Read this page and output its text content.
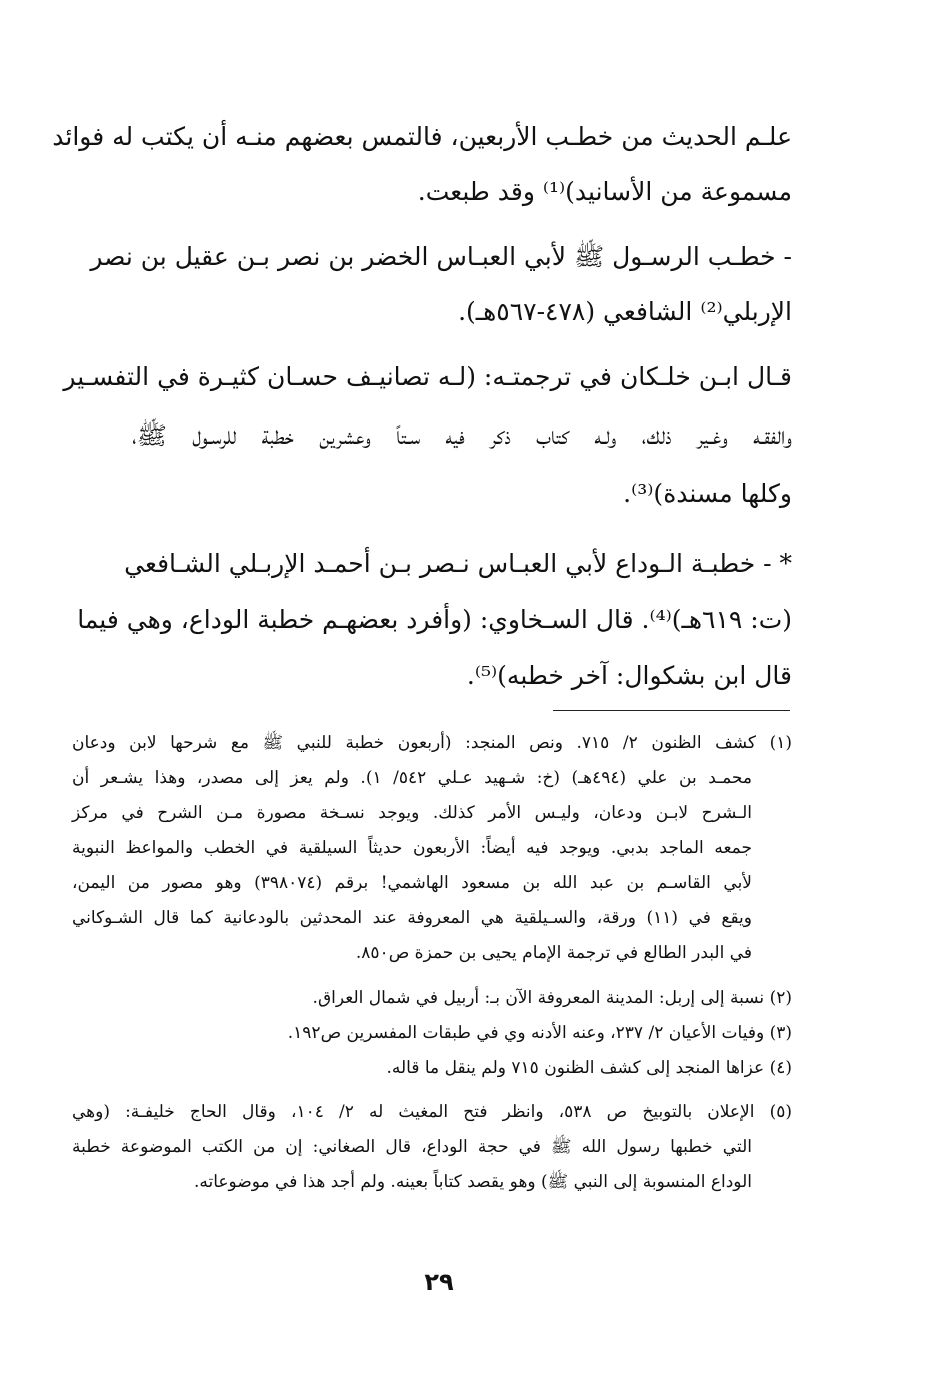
علـم الحديث من خطـب الأربعين، فالتمس بعضهم منـه أن يكتب له فوائد
مسموعة من الأسانيد)⁽¹⁾ وقد طبعت.
- خطـب الرسـول ﷺ لأبي العبـاس الخضر بن نصر بـن عقيل بن نصر
الإربلي⁽²⁾ الشافعي (٤٧٨-٥٦٧هـ).
قـال ابـن خلـكان في ترجمتـه: (لـه تصانيـف حسـان كثيـرة في التفسـير
والفقـه وغـير ذلك، ولـه كتاب ذكر فيه سـتاً وعشرين خطبة للرسـول ﷺ،
وكلها مسندة)⁽³⁾.
* - خطبـة الـوداع لأبي العبـاس نـصر بـن أحمـد الإربـلي الشـافعي
(ت: ٦١٩هـ)⁽⁴⁾. قال السـخاوي: (وأفرد بعضهـم خطبة الوداع، وهي فيما
قال ابن بشكوال: آخر خطبه)⁽⁵⁾.
(١) كشف الظنون ٢/ ٧١٥. ونص المنجد: (أربعون خطبة للنبي ﷺ مع شرحها لابن ودعان
محمـد بن علي (٤٩٤هـ) (خ: شـهيد عـلي ٥٤٢/ ١). ولم يعز إلى مصدر، وهذا يشـعر أن
الـشرح لابـن ودعان، وليـس الأمر كذلك. ويوجد نسـخة مصورة مـن الشرح في مركز
جمعه الماجد بدبي. ويوجد فيه أيضاً: الأربعون حديثاً السيلقية في الخطب والمواعظ النبوية
لأبي القاسـم بن عبد الله بن مسعود الهاشمي! برقم (٣٩٨٠٧٤) وهو مصور من اليمن،
ويقع في (١١) ورقة، والسـيلقية هي المعروفة عند المحدثين بالودعانية كما قال الشـوكاني
في البدر الطالع في ترجمة الإمام يحيى بن حمزة ص٨٥٠.
(٢) نسبة إلى إربل: المدينة المعروفة الآن بـ: أربيل في شمال العراق.
(٣) وفيات الأعيان ٢/ ٢٣٧، وعنه الأدنه وي في طبقات المفسرين ص١٩٢.
(٤) عزاها المنجد إلى كشف الظنون ٧١٥ ولم ينقل ما قاله.
(٥) الإعلان بالتوبيخ ص ٥٣٨، وانظر فتح المغيث له ٢/ ١٠٤، وقال الحاج خليفـة: (وهي
التي خطبها رسول الله ﷺ في حجة الوداع، قال الصغاني: إن من الكتب الموضوعة خطبة
الوداع المنسوبة إلى النبي ﷺ) وهو يقصد كتاباً بعينه. ولم أجد هذا في موضوعاته.
٢٩
